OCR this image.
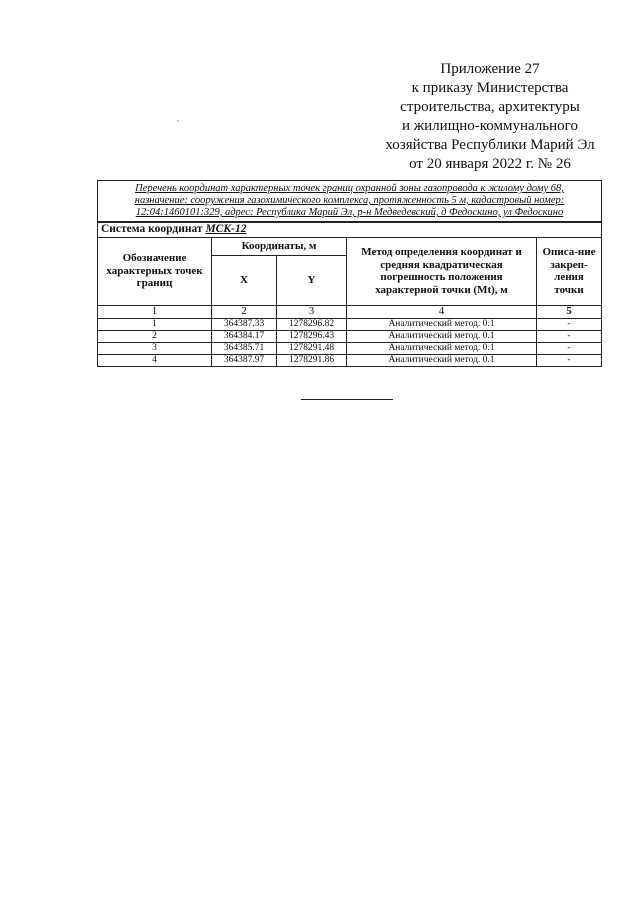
Приложение 27
к приказу Министерства
строительства, архитектуры
и жилищно-коммунального
хозяйства Республики Марий Эл
от 20 января 2022 г. № 26
Перечень координат характерных точек границ охранной зоны газопровода к жилому дому 68,
назначение: сооружения газохимического комплекса, протяженность 5 м, кадастровый номер:
12:04:1460101:329, адрес: Республика Марий Эл, р-н Медведевский, д Федоскино, ул Федоскино				

Система координат МСК-12				
Обозначение характерных точек границ	Координаты, м		Метод определения координат и средняя квадратическая погрешность положения характерной точки (Mt), м	Описа-ние закреп-ления точки
	X	Y		
1	2	3	4	5
1	364387.33	1278296.82	Аналитический метод. 0.1	-
2	364384.17	1278296.43	Аналитический метод. 0.1	-
3	364385.71	1278291.48	Аналитический метод. 0.1	-
4	364387.97	1278291.86	Аналитический метод. 0.1	-
